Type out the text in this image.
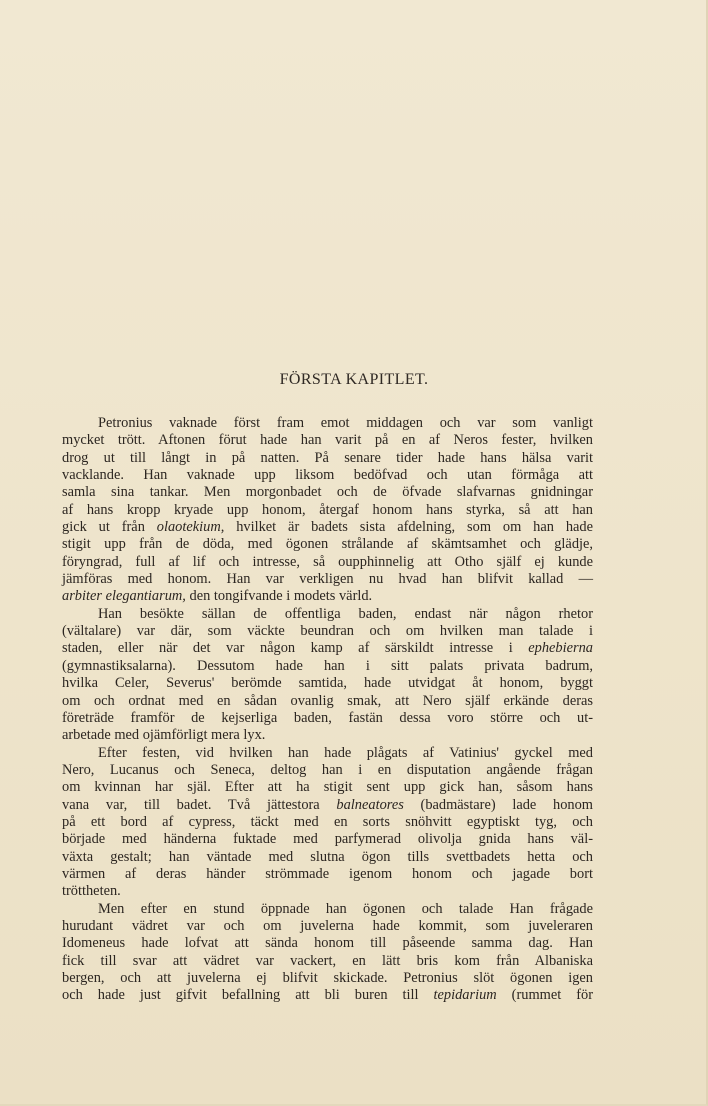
FÖRSTA KAPITLET.
Petronius vaknade först fram emot middagen och var som vanligt
mycket trött. Aftonen förut hade han varit på en af Neros fester, hvilken
drog ut till långt in på natten. På senare tider hade hans hälsa varit
vacklande. Han vaknade upp liksom bedöfvad och utan förmåga att
samla sina tankar. Men morgonbadet och de öfvade slafvarnas gnidningar
af hans kropp kryade upp honom, återgaf honom hans styrka, så att han
gick ut från olaotekium, hvilket är badets sista afdelning, som om han hade
stigit upp från de döda, med ögonen strålande af skämtsamhet och glädje,
föryngrad, full af lif och intresse, så oupphinnelig att Otho själf ej kunde
jämföras med honom. Han var verkligen nu hvad han blifvit kallad —
arbiter elegantiarum, den tongifvande i modets värld.
Han besökte sällan de offentliga baden, endast när någon rhetor
(vältalare) var där, som väckte beundran och om hvilken man talade i
staden, eller när det var någon kamp af särskildt intresse i ephebierna
(gymnastiksalarna). Dessutom hade han i sitt palats privata badrum,
hvilka Celer, Severus' berömde samtida, hade utvidgat åt honom, byggt
om och ordnat med en sådan ovanlig smak, att Nero själf erkände deras
företräde framför de kejserliga baden, fastän dessa voro större och ut-
arbetade med ojämförligt mera lyx.
Efter festen, vid hvilken han hade plågats af Vatinius' gyckel med
Nero, Lucanus och Seneca, deltog han i en disputation angående frågan
om kvinnan har själ. Efter att ha stigit sent upp gick han, såsom hans
vana var, till badet. Två jättestora balneatores (badmästare) lade honom
på ett bord af cypress, täckt med en sorts snöhvitt egyptiskt tyg, och
började med händerna fuktade med parfymerad olivolja gnida hans väl-
växta gestalt; han väntade med slutna ögon tills svettbadets hetta och
värmen af deras händer strömmade igenom honom och jagade bort
tröttheten.
Men efter en stund öppnade han ögonen och talade Han frågade
hurudant vädret var och om juvelerna hade kommit, som juveleraren
Idomeneus hade lofvat att sända honom till påseende samma dag. Han
fick till svar att vädret var vackert, en lätt bris kom från Albaniska
bergen, och att juvelerna ej blifvit skickade. Petronius slöt ögonen igen
och hade just gifvit befallning att bli buren till tepidarium (rummet för
